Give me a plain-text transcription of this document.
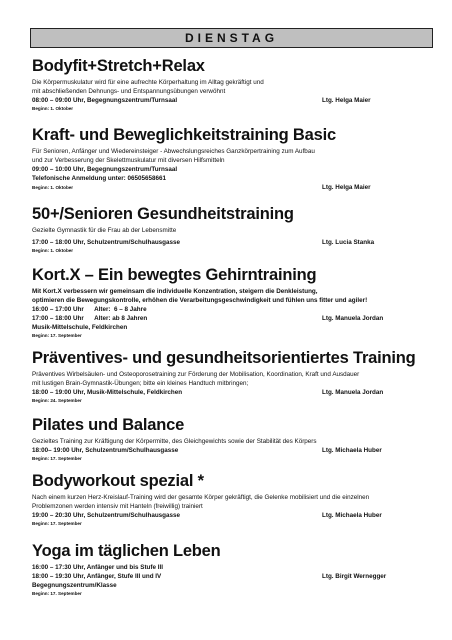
DIENSTAG
Bodyfit+Stretch+Relax
Die Körpermuskulatur wird für eine aufrechte Körperhaltung im Alltag gekräftigt und
mit abschließenden Dehnungs- und Entspannungsübungen verwöhnt
08:00 – 09:00 Uhr, Begegnungszentrum/Turnsaal	Ltg. Helga Maier
Beginn: 1. Oktober
Kraft- und Beweglichkeitstraining Basic
Für Senioren, Anfänger und Wiedereinsteiger - Abwechslungsreiches Ganzkörpertraining zum Aufbau
und zur Verbesserung der Skelettmuskulatur mit diversen Hilfsmitteln
09:00 – 10:00 Uhr, Begegnungszentrum/Turnsaal
Telefonische Anmeldung unter: 06505658661
Beginn: 1. Oktober	Ltg. Helga Maier
50+/Senioren Gesundheitstraining
Gezielte Gymnastik für die Frau ab der Lebensmitte
17:00 – 18:00 Uhr, Schulzentrum/Schulhausgasse	Ltg. Lucia Stanka
Beginn: 1. Oktober
Kort.X – Ein bewegtes Gehirntraining
Mit Kort.X verbessern wir gemeinsam die individuelle Konzentration, steigern die Denkleistung,
optimieren die Bewegungskontrolle, erhöhen die Verarbeitungsgeschwindigkeit und fühlen uns fitter und agiler!
16:00 – 17:00 Uhr      Alter:  6 – 8 Jahre
17:00 – 18:00 Uhr      Alter: ab 8 Jahren	Ltg. Manuela Jordan
Musik-Mittelschule, Feldkirchen
Beginn: 17. September
Präventives- und gesundheitsorientiertes Training
Präventives Wirbelsäulen- und Osteoporosetraining zur Förderung der Mobilisation, Koordination, Kraft und Ausdauer
mit lustigen Brain-Gymnastik-Übungen; bitte ein kleines Handtuch mitbringen;
18:00 – 19:00 Uhr, Musik-Mittelschule, Feldkirchen	Ltg. Manuela Jordan
Beginn: 24. September
Pilates und Balance
Gezieltes Training zur Kräftigung der Körpermitte, des Gleichgewichts sowie der Stabilität des Körpers
18:00– 19:00 Uhr, Schulzentrum/Schulhausgasse	Ltg. Michaela Huber
Beginn: 17. September
Bodyworkout spezial *
Nach einem kurzen Herz-Kreislauf-Training wird der gesamte Körper gekräftigt, die Gelenke mobilisiert und die einzelnen
Problemzonen werden intensiv mit Hanteln (freiwillig) trainiert
19:00 – 20:30 Uhr, Schulzentrum/Schulhausgasse	Ltg. Michaela Huber
Beginn: 17. September
Yoga im täglichen Leben
16:00 – 17:30 Uhr, Anfänger und bis Stufe III
18:00 – 19:30 Uhr, Anfänger, Stufe III und IV	Ltg. Birgit Wernegger
Begegnungszentrum/Klasse
Beginn: 17. September
